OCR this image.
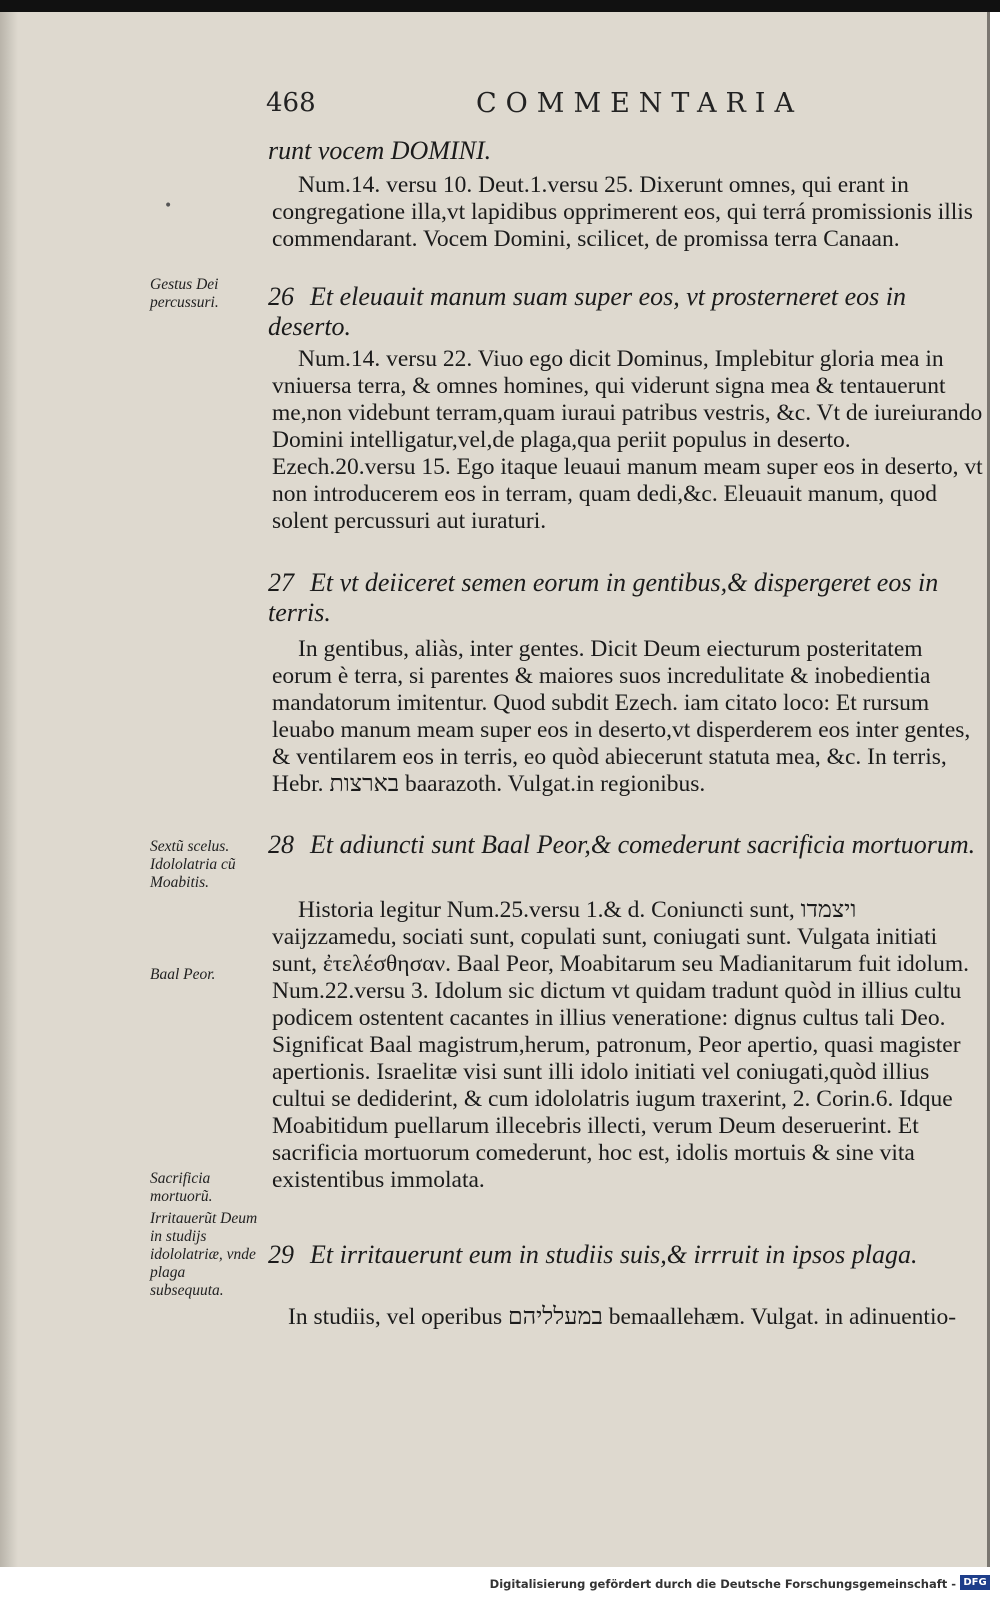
468	COMMENTARIA
•
runt vocem DOMINI.
Num.14. versu 10. Deut.1.versu 25. Dixerunt omnes, qui erant in congregatione illa,vt lapidibus opprimerent eos, qui terrá promissionis illis commendarant. Vocem Domini, scilicet, de promissa terra Canaan.
26 Et eleuauit manum suam super eos, vt prosterneret eos in deserto.
Num.14. versu 22. Viuo ego dicit Dominus, Implebitur gloria mea in vniuersa terra, & omnes homines, qui viderunt signa mea & tentauerunt me,non videbunt terram,quam iuraui patribus vestris, &c. Vt de iureiurando Domini intelligatur,vel,de plaga,qua periit populus in deserto. Ezech.20.versu 15. Ego itaque leuaui manum meam super eos in deserto, vt non introducerem eos in terram, quam dedi,&c. Eleuauit manum, quod solent percussuri aut iuraturi.
27 Et vt deiiceret semen eorum in gentibus,& dispergeret eos in terris.
In gentibus, aliàs, inter gentes. Dicit Deum eiecturum posteritatem eorum è terra, si parentes & maiores suos incredulitate & inobedientia mandatorum imitentur. Quod subdit Ezech. iam citato loco: Et rursum leuabo manum meam super eos in deserto,vt disperderem eos inter gentes, & ventilarem eos in terris, eo quòd abiecerunt statuta mea, &c. In terris, Hebr. בארצות baarazoth. Vulgat.in regionibus.
28 Et adiuncti sunt Baal Peor,& comederunt sacrificia mortuorum.
Historia legitur Num.25.versu 1.& d. Coniuncti sunt, ויצמדו vaijzzamedu, sociati sunt, copulati sunt, coniugati sunt. Vulgata initiati sunt, ἐτελέσθησαν. Baal Peor, Moabitarum seu Madianitarum fuit idolum. Num.22.versu 3. Idolum sic dictum vt quidam tradunt quòd in illius cultu podicem ostentent cacantes in illius veneratione: dignus cultus tali Deo. Significat Baal magistrum,herum, patronum, Peor apertio, quasi magister apertionis. Israelitæ visi sunt illi idolo initiati vel coniugati,quòd illius cultui se dediderint, & cum idololatris iugum traxerint, 2. Corin.6. Idque Moabitidum puellarum illecebris illecti, verum Deum deseruerint. Et sacrificia mortuorum comederunt, hoc est, idolis mortuis & sine vita existentibus immolata.
29 Et irritauerunt eum in studiis suis,& irrruit in ipsos plaga.
In studiis, vel operibus במעלליהם bemaallehæm. Vulgat. in adinuentio-
Gestus Dei percussuri.
Sextũ scelus. Idololatria cũ Moabitis.
Baal Peor.
Sacrificia mortuorũ.
Irritauerũt Deum in studijs idololatriæ, vnde plaga subsequuta.
Digitalisierung gefördert durch die Deutsche Forschungsgemeinschaft - DFG
